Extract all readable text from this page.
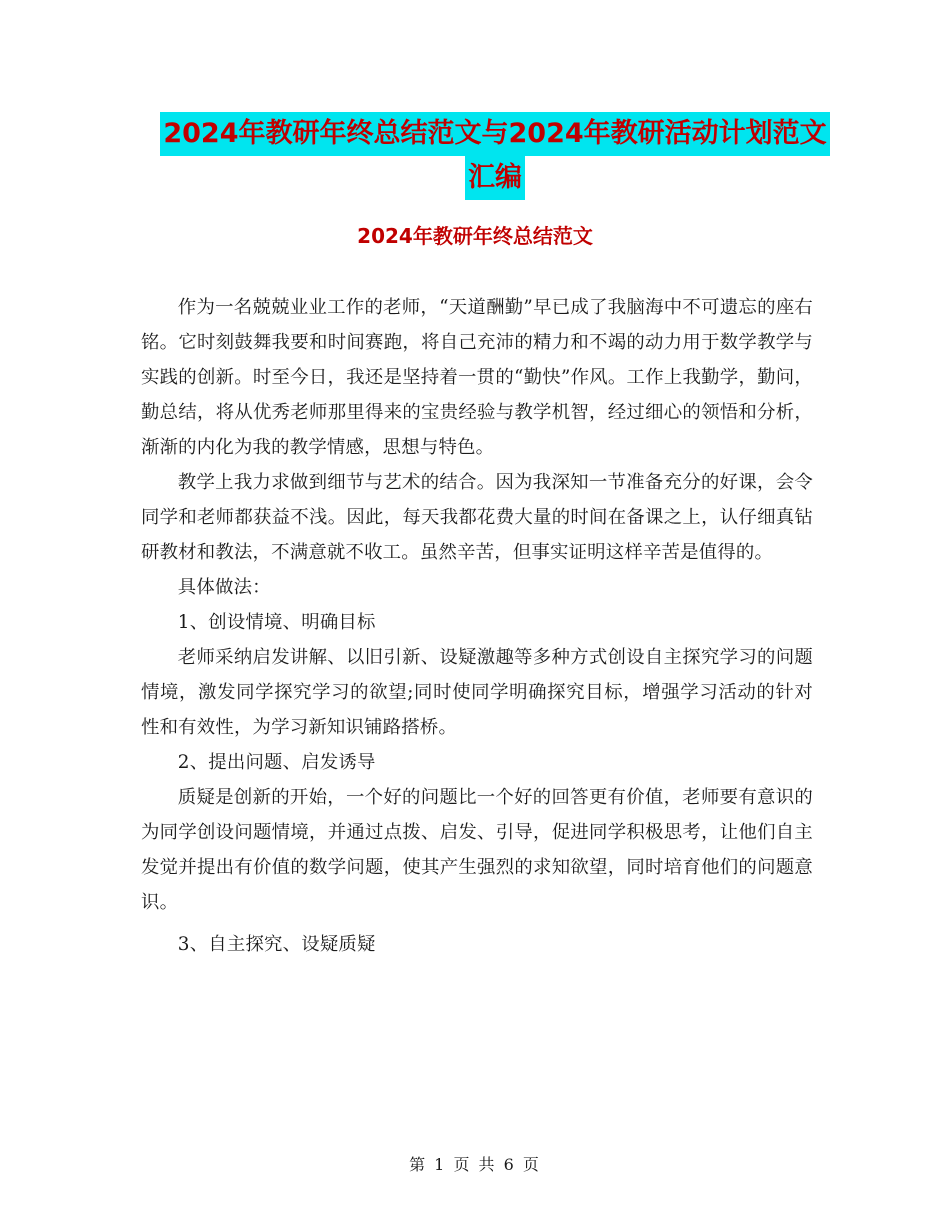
2024年教研年终总结范文与2024年教研活动计划范文
汇编
2024年教研年终总结范文

作为一名兢兢业业工作的老师，“天道酬勤”早已成了我脑海中不可遗忘的座右铭。它时刻鼓舞我要和时间赛跑，将自己充沛的精力和不竭的动力用于数学教学与实践的创新。时至今日，我还是坚持着一贯的“勤快”作风。工作上我勤学，勤问，勤总结，将从优秀老师那里得来的宝贵经验与教学机智，经过细心的领悟和分析，渐渐的内化为我的教学情感，思想与特色。

教学上我力求做到细节与艺术的结合。因为我深知一节准备充分的好课，会令同学和老师都获益不浅。因此，每天我都花费大量的时间在备课之上，认仔细真钻研教材和教法，不满意就不收工。虽然辛苦，但事实证明这样辛苦是值得的。

具体做法：

1、创设情境、明确目标

老师采纳启发讲解、以旧引新、设疑激趣等多种方式创设自主探究学习的问题情境，激发同学探究学习的欲望;同时使同学明确探究目标，增强学习活动的针对性和有效性，为学习新知识铺路搭桥。

2、提出问题、启发诱导

质疑是创新的开始，一个好的问题比一个好的回答更有价值，老师要有意识的为同学创设问题情境，并通过点拨、启发、引导，促进同学积极思考，让他们自主发觉并提出有价值的数学问题，使其产生强烈的求知欲望，同时培育他们的问题意识。

3、自主探究、设疑质疑

第 1 页 共 6 页
